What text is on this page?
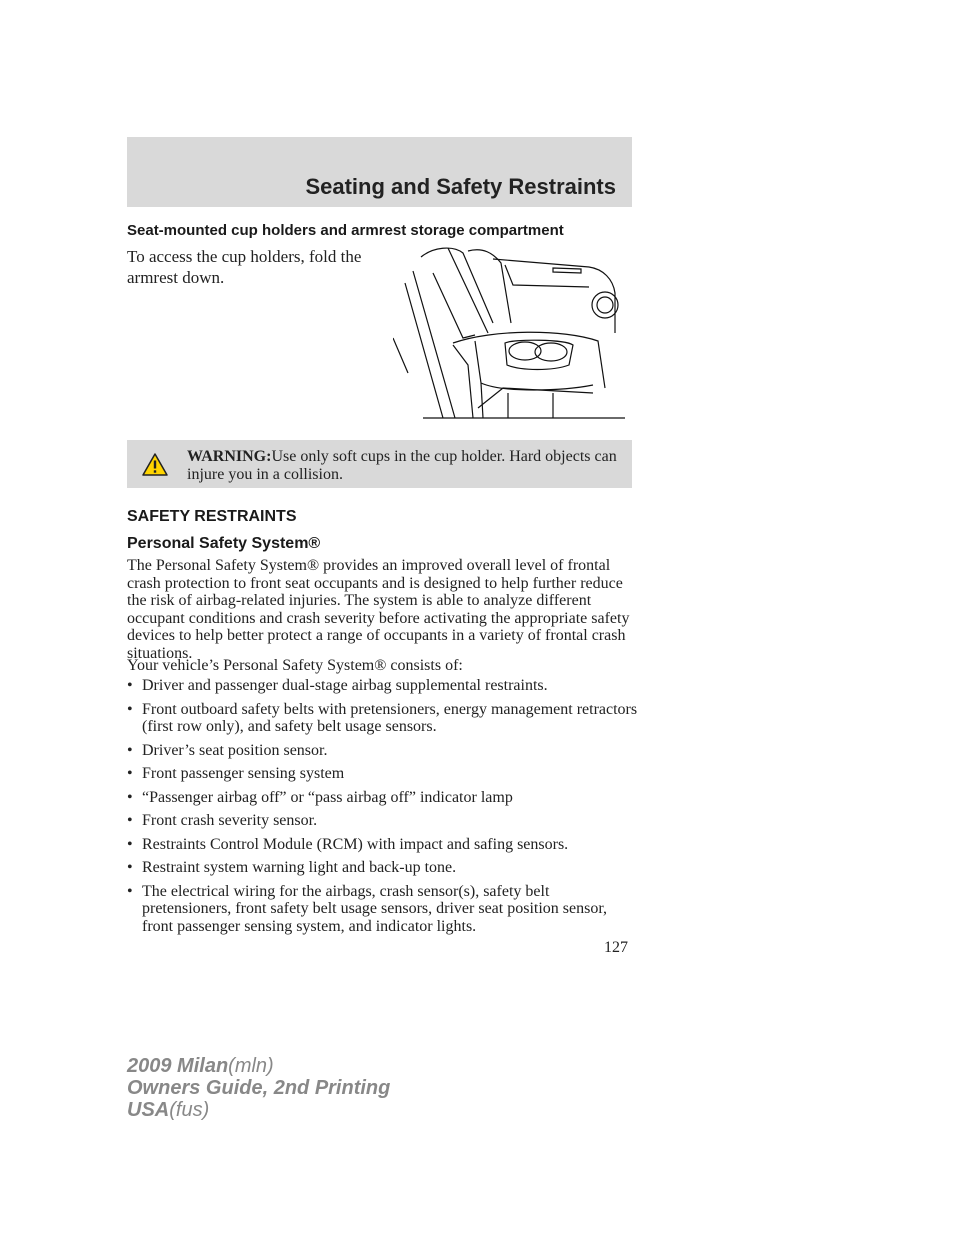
Seating and Safety Restraints
Seat-mounted cup holders and armrest storage compartment

To access the cup holders, fold the armrest down.

WARNING:Use only soft cups in the cup holder. Hard objects can injure you in a collision.

SAFETY RESTRAINTS
Personal Safety System®

The Personal Safety System® provides an improved overall level of frontal crash protection to front seat occupants and is designed to help further reduce the risk of airbag-related injuries. The system is able to analyze different occupant conditions and crash severity before activating the appropriate safety devices to help better protect a range of occupants in a variety of frontal crash situations.

Your vehicle’s Personal Safety System® consists of:

• Driver and passenger dual-stage airbag supplemental restraints.
• Front outboard safety belts with pretensioners, energy management retractors (first row only), and safety belt usage sensors.
• Driver’s seat position sensor.
• Front passenger sensing system
• “Passenger airbag off” or “pass airbag off” indicator lamp
• Front crash severity sensor.
• Restraints Control Module (RCM) with impact and safing sensors.
• Restraint system warning light and back-up tone.
• The electrical wiring for the airbags, crash sensor(s), safety belt pretensioners, front safety belt usage sensors, driver seat position sensor, front passenger sensing system, and indicator lights.

127

2009 Milan(mln)
Owners Guide, 2nd Printing
USA(fus)
